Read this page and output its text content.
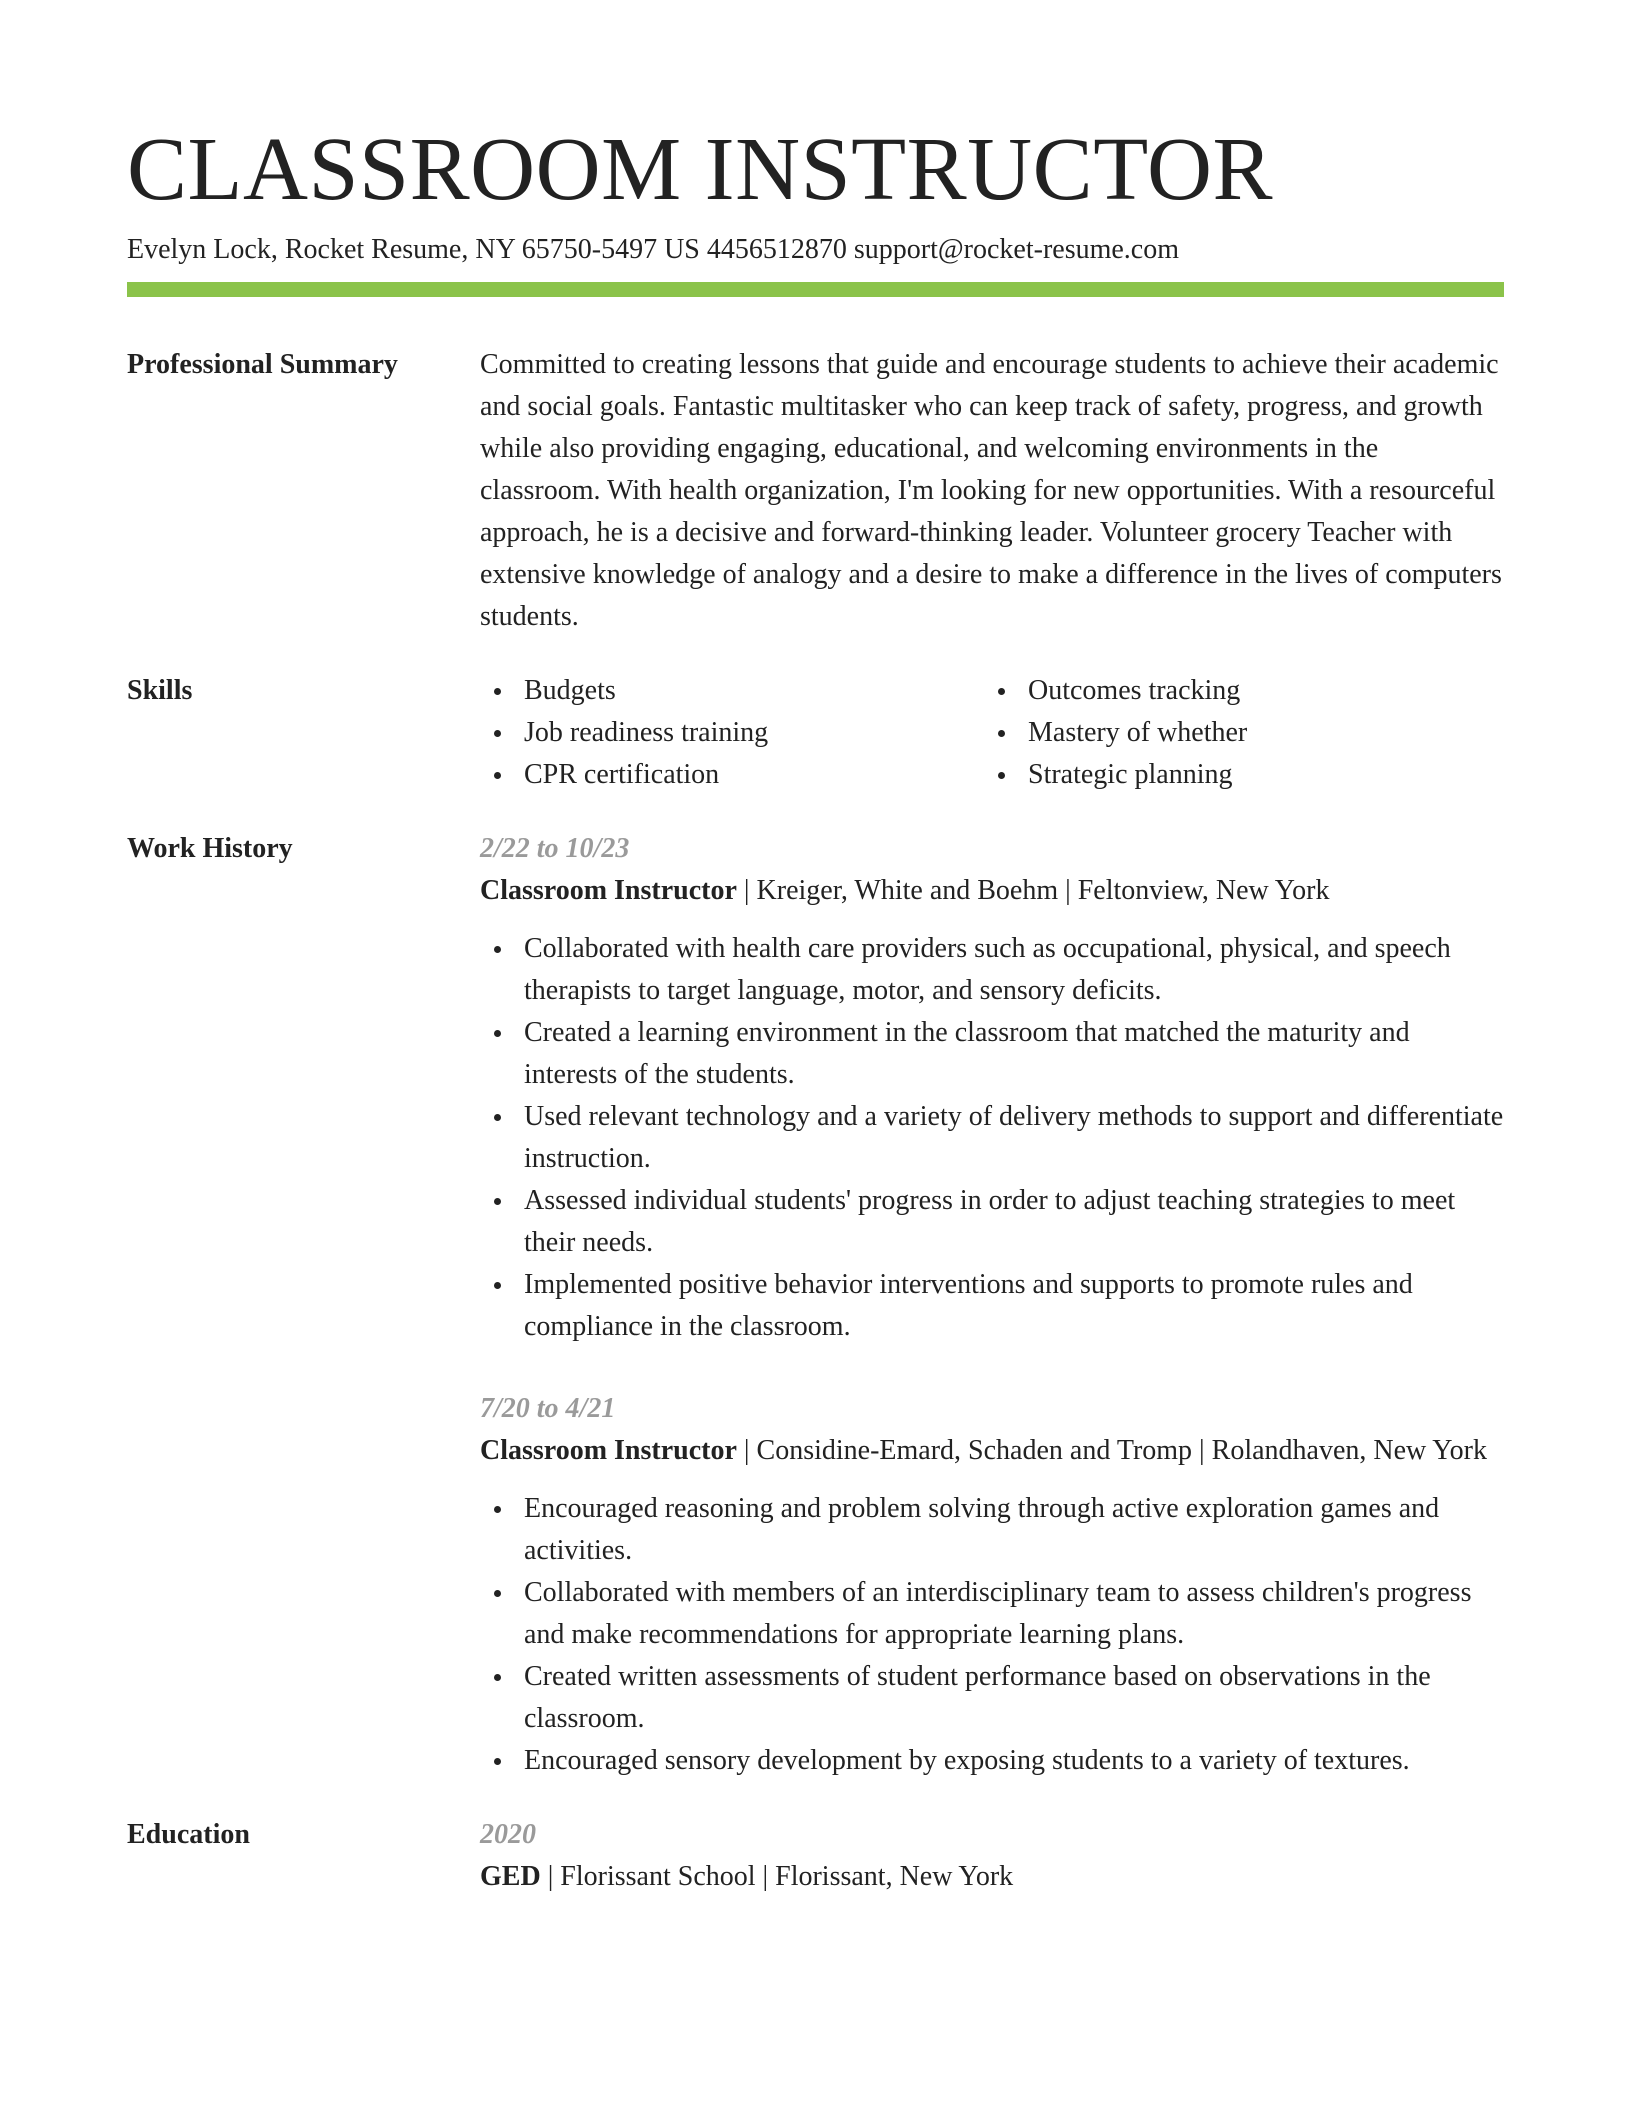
CLASSROOM INSTRUCTOR
Evelyn Lock, Rocket Resume, NY 65750-5497 US 4456512870 support@rocket-resume.com
Professional Summary	Committed to creating lessons that guide and encourage students to achieve their academic and social goals. Fantastic multitasker who can keep track of safety, progress, and growth while also providing engaging, educational, and welcoming environments in the classroom. With health organization, I'm looking for new opportunities. With a resourceful approach, he is a decisive and forward-thinking leader. Volunteer grocery Teacher with extensive knowledge of analogy and a desire to make a difference in the lives of computers students.
Skills	Budgets
Job readiness training
CPR certification
Outcomes tracking
Mastery of whether
Strategic planning
Work History	2/22 to 10/23
Classroom Instructor | Kreiger, White and Boehm | Feltonview, New York
Collaborated with health care providers such as occupational, physical, and speech therapists to target language, motor, and sensory deficits.
Created a learning environment in the classroom that matched the maturity and interests of the students.
Used relevant technology and a variety of delivery methods to support and differentiate instruction.
Assessed individual students' progress in order to adjust teaching strategies to meet their needs.
Implemented positive behavior interventions and supports to promote rules and compliance in the classroom.
7/20 to 4/21
Classroom Instructor | Considine-Emard, Schaden and Tromp | Rolandhaven, New York
Encouraged reasoning and problem solving through active exploration games and activities.
Collaborated with members of an interdisciplinary team to assess children's progress and make recommendations for appropriate learning plans.
Created written assessments of student performance based on observations in the classroom.
Encouraged sensory development by exposing students to a variety of textures.
Education	2020
GED | Florissant School | Florissant, New York
